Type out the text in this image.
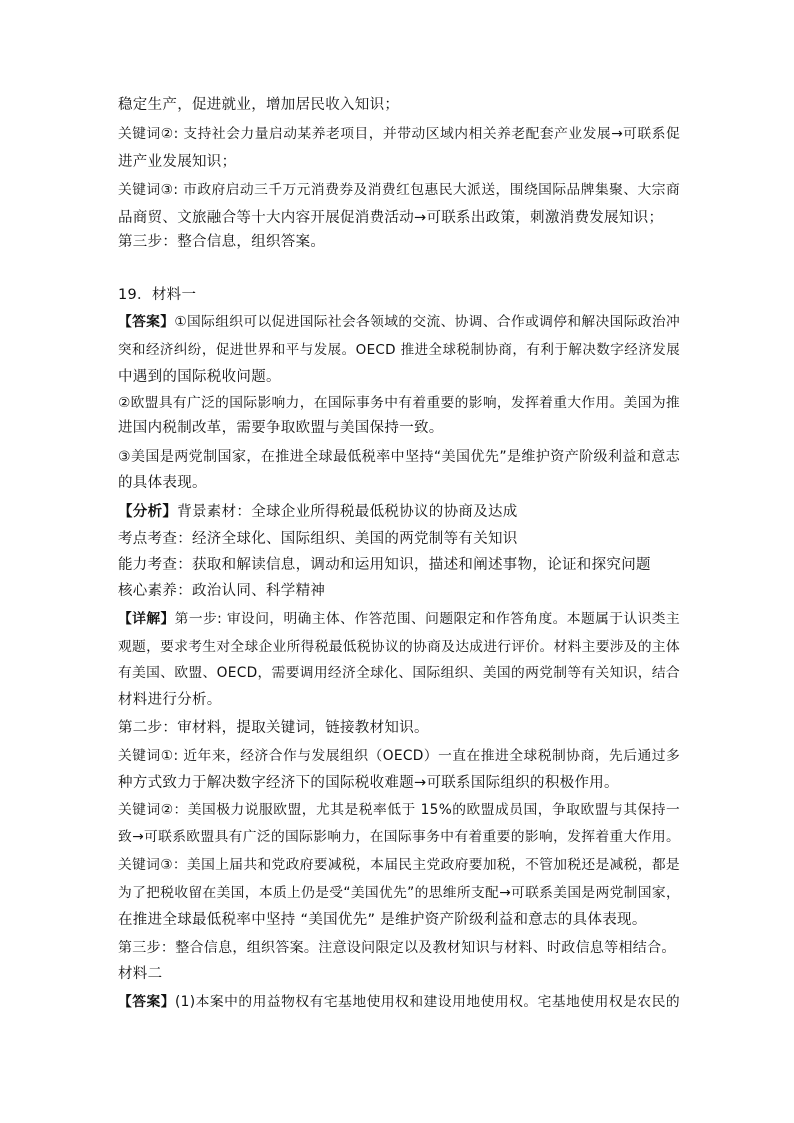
稳定生产，促进就业，增加居民收入知识；
关键词②: 支持社会力量启动某养老项目，并带动区域内相关养老配套产业发展→可联系促
进产业发展知识；
关键词③: 市政府启动三千万元消费券及消费红包惠民大派送，围绕国际品牌集聚、大宗商
品商贸、文旅融合等十大内容开展促消费活动→可联系出政策，刺激消费发展知识；
第三步：整合信息，组织答案。
19．材料一
【答案】①国际组织可以促进国际社会各领域的交流、协调、合作或调停和解决国际政治冲
突和经济纠纷，促进世界和平与发展。OECD 推进全球税制协商，有利于解决数字经济发展
中遇到的国际税收问题。
②欧盟具有广泛的国际影响力，在国际事务中有着重要的影响，发挥着重大作用。美国为推
进国内税制改革，需要争取欧盟与美国保持一致。
③美国是两党制国家，在推进全球最低税率中坚持“美国优先”是维护资产阶级利益和意志
的具体表现。
【分析】背景素材：全球企业所得税最低税协议的协商及达成
考点考查：经济全球化、国际组织、美国的两党制等有关知识
能力考查：获取和解读信息，调动和运用知识，描述和阐述事物，论证和探究问题
核心素养：政治认同、科学精神
【详解】第一步: 审设问，明确主体、作答范围、问题限定和作答角度。本题属于认识类主
观题，要求考生对全球企业所得税最低税协议的协商及达成进行评价。材料主要涉及的主体
有美国、欧盟、OECD，需要调用经济全球化、国际组织、美国的两党制等有关知识，结合
材料进行分析。
第二步：审材料，提取关键词，链接教材知识。
关键词①: 近年来，经济合作与发展组织（OECD）一直在推进全球税制协商，先后通过多
种方式致力于解决数字经济下的国际税收难题→可联系国际组织的积极作用。
关键词②：美国极力说服欧盟，尤其是税率低于 15%的欧盟成员国，争取欧盟与其保持一
致→可联系欧盟具有广泛的国际影响力，在国际事务中有着重要的影响，发挥着重大作用。
关键词③：美国上届共和党政府要减税，本届民主党政府要加税，不管加税还是减税，都是
为了把税收留在美国，本质上仍是受“美国优先”的思维所支配→可联系美国是两党制国家，
在推进全球最低税率中坚持 “美国优先” 是维护资产阶级利益和意志的具体表现。
第三步：整合信息，组织答案。注意设问限定以及教材知识与材料、时政信息等相结合。
材料二
【答案】(1)本案中的用益物权有宅基地使用权和建设用地使用权。宅基地使用权是农民的
